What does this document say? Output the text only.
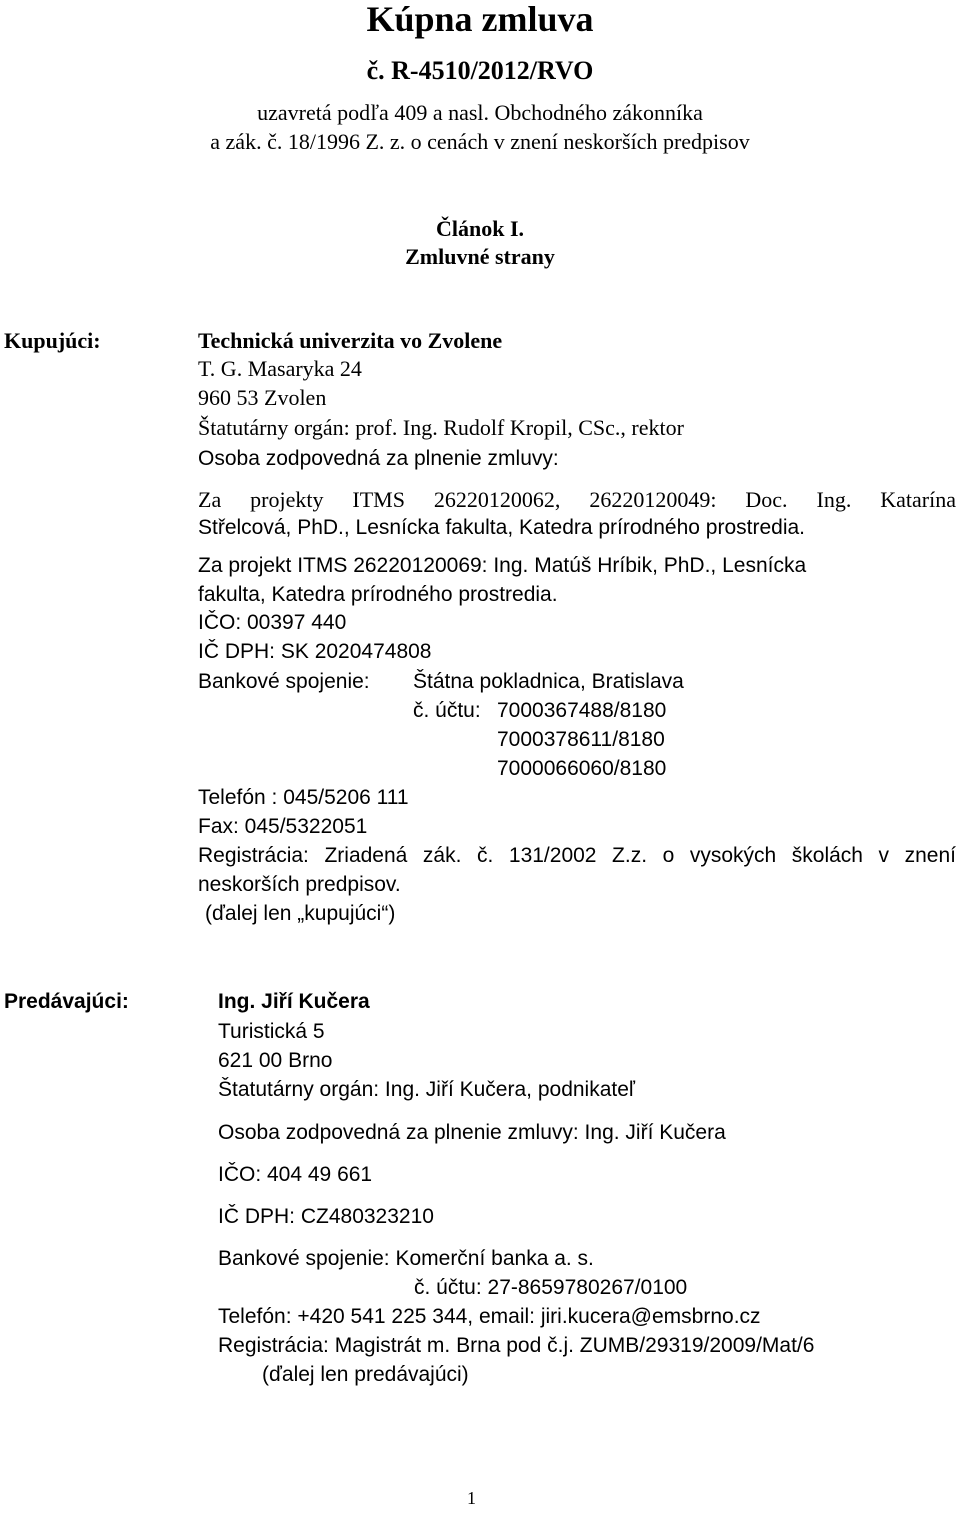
Kúpna zmluva
č. R-4510/2012/RVO
uzavretá podľa 409 a nasl. Obchodného zákonníka
a zák. č. 18/1996 Z. z. o cenách v znení neskorších predpisov
Článok I.
Zmluvné strany
Kupujúci:	Technická univerzita vo Zvolene
T. G. Masaryka 24
960 53 Zvolen
Štatutárny orgán: prof. Ing. Rudolf Kropil, CSc., rektor
Osoba zodpovedná za plnenie zmluvy:
Za projekty ITMS 26220120062, 26220120049: Doc. Ing. Katarína
Střelcová, PhD., Lesnícka fakulta, Katedra prírodného prostredia.
Za projekt ITMS 26220120069: Ing. Matúš Hríbik, PhD., Lesnícka
fakulta, Katedra prírodného prostredia.
IČO: 00397 440
IČ DPH: SK 2020474808
Bankové spojenie: Štátna pokladnica, Bratislava
č. účtu: 7000367488/8180
7000378611/8180
7000066060/8180
Telefón : 045/5206 111
Fax: 045/5322051
Registrácia: Zriadená zák. č. 131/2002 Z.z. o vysokých školách v znení
neskorších predpisov.
(ďalej len „kupujúci“)
Predávajúci:	Ing. Jiří Kučera
Turistická 5
621 00 Brno
Štatutárny orgán: Ing. Jiří Kučera, podnikateľ
Osoba zodpovedná za plnenie zmluvy: Ing. Jiří Kučera
IČO: 404 49 661
IČ DPH: CZ480323210
Bankové spojenie: Komerční banka a. s.
č. účtu: 27-8659780267/0100
Telefón: +420 541 225 344, email: jiri.kucera@emsbrno.cz
Registrácia: Magistrát m. Brna pod č.j. ZUMB/29319/2009/Mat/6
(ďalej len predávajúci)
1
